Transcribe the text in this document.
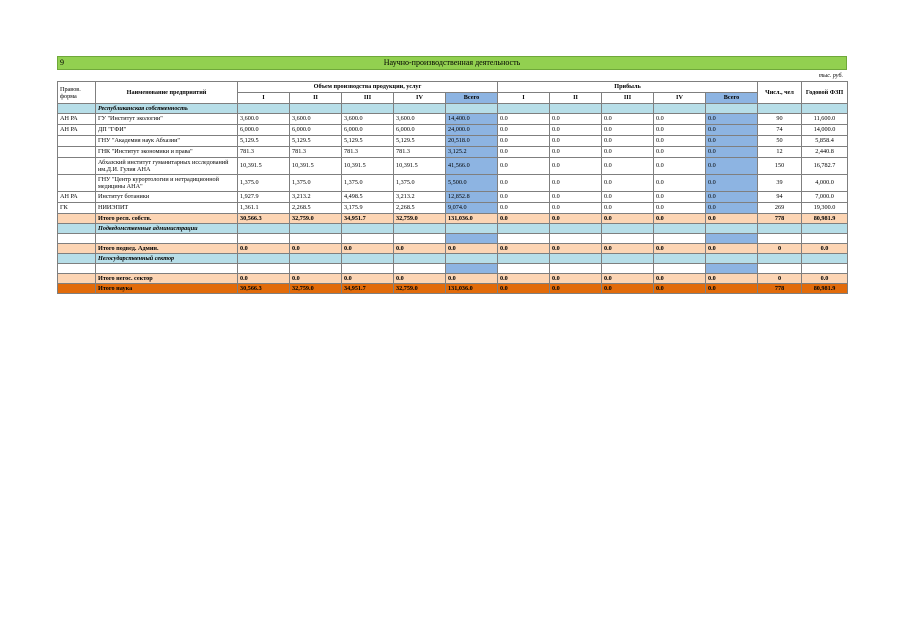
9	Научно-производственная деятельность
тыс. руб.
Правов. форма	Наименование предприятий	Объем производства продукции, услуг					Прибыль					Числ., чел	Годовой ФЗП
		I	II	III	IV	Всего	I	II	III	IV	Всего		
	Республиканская собственность												
АН РА	ГУ "Институт экологии"	3,600.0	3,600.0	3,600.0	3,600.0	14,400.0	0.0	0.0	0.0	0.0	0.0	90	11,600.0
АН РА	ДП "ГФИ"	6,000.0	6,000.0	6,000.0	6,000.0	24,000.0	0.0	0.0	0.0	0.0	0.0	74	14,000.0
	ГНУ "Академия наук Абхазии"	5,129.5	5,129.5	5,129.5	5,129.5	20,518.0	0.0	0.0	0.0	0.0	0.0	50	5,858.4
	ГНК "Институт экономики и права"	781.3	781.3	781.3	781.3	3,125.2	0.0	0.0	0.0	0.0	0.0	12	2,440.8
	Абхазский институт гуманитарных исследований им.Д.И. Гулия АНА	10,391.5	10,391.5	10,391.5	10,391.5	41,566.0	0.0	0.0	0.0	0.0	0.0	150	16,782.7
	ГНУ "Центр курортологии и нетрадиционной медицины АНА"	1,375.0	1,375.0	1,375.0	1,375.0	5,500.0	0.0	0.0	0.0	0.0	0.0	39	4,000.0
АН РА	Институт ботаники	1,927.9	3,213.2	4,498.5	3,213.2	12,852.8	0.0	0.0	0.0	0.0	0.0	94	7,000.0
ГК	НИИЭПИТ	1,361.1	2,268.5	3,175.9	2,268.5	9,074.0	0.0	0.0	0.0	0.0	0.0	269	19,300.0
	Итого респ. собств.	30,566.3	32,759.0	34,951.7	32,759.0	131,036.0	0.0	0.0	0.0	0.0	0.0	778	80,981.9
	Подведомственные администрации												

	Итого подвед. Админ.	0.0	0.0	0.0	0.0	0.0	0.0	0.0	0.0	0.0	0.0	0	0.0
	Негосударственный сектор												

	Итого негос. сектор	0.0	0.0	0.0	0.0	0.0	0.0	0.0	0.0	0.0	0.0	0	0.0
	Итого наука	30,566.3	32,759.0	34,951.7	32,759.0	131,036.0	0.0	0.0	0.0	0.0	0.0	778	80,981.9
